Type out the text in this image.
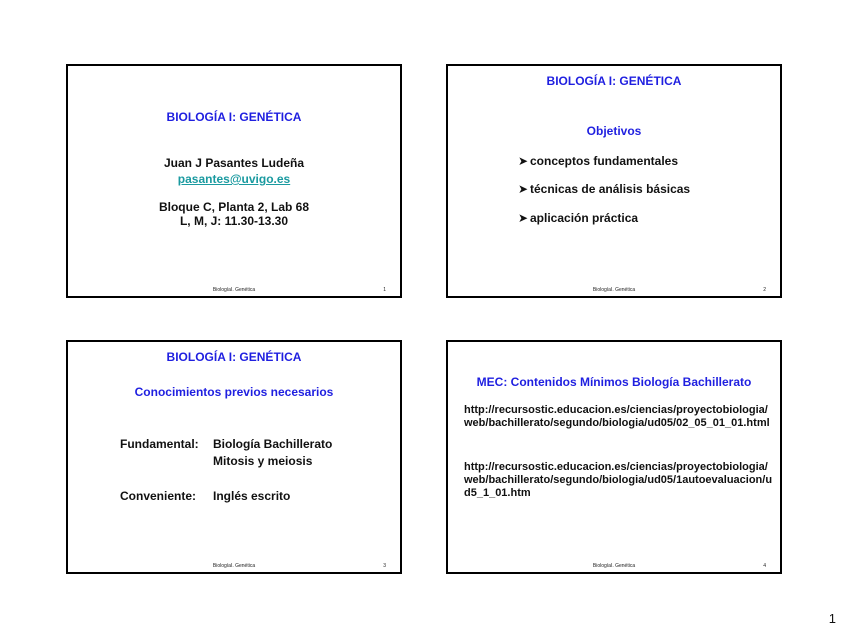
BIOLOGÍA I: GENÉTICA
Juan J Pasantes Ludeña
pasantes@uvigo.es
Bloque C, Planta 2, Lab 68
L, M, J: 11.30-13.30
BiologíaI. Genética	1
BIOLOGÍA I: GENÉTICA
Objetivos
➤ conceptos fundamentales
➤ técnicas de análisis básicas
➤ aplicación práctica
BiologíaI. Genética	2
BIOLOGÍA I: GENÉTICA
Conocimientos previos necesarios
Fundamental: Biología Bachillerato
Mitosis y meiosis
Conveniente: Inglés escrito
BiologíaI. Genética	3
MEC: Contenidos Mínimos Biología Bachillerato
http://recursostic.educacion.es/ciencias/proyectobiologia/web/bachillerato/segundo/biologia/ud05/02_05_01_01.html
http://recursostic.educacion.es/ciencias/proyectobiologia/web/bachillerato/segundo/biologia/ud05/1autoevaluacion/ud5_1_01.htm
BiologíaI. Genética	4
1
